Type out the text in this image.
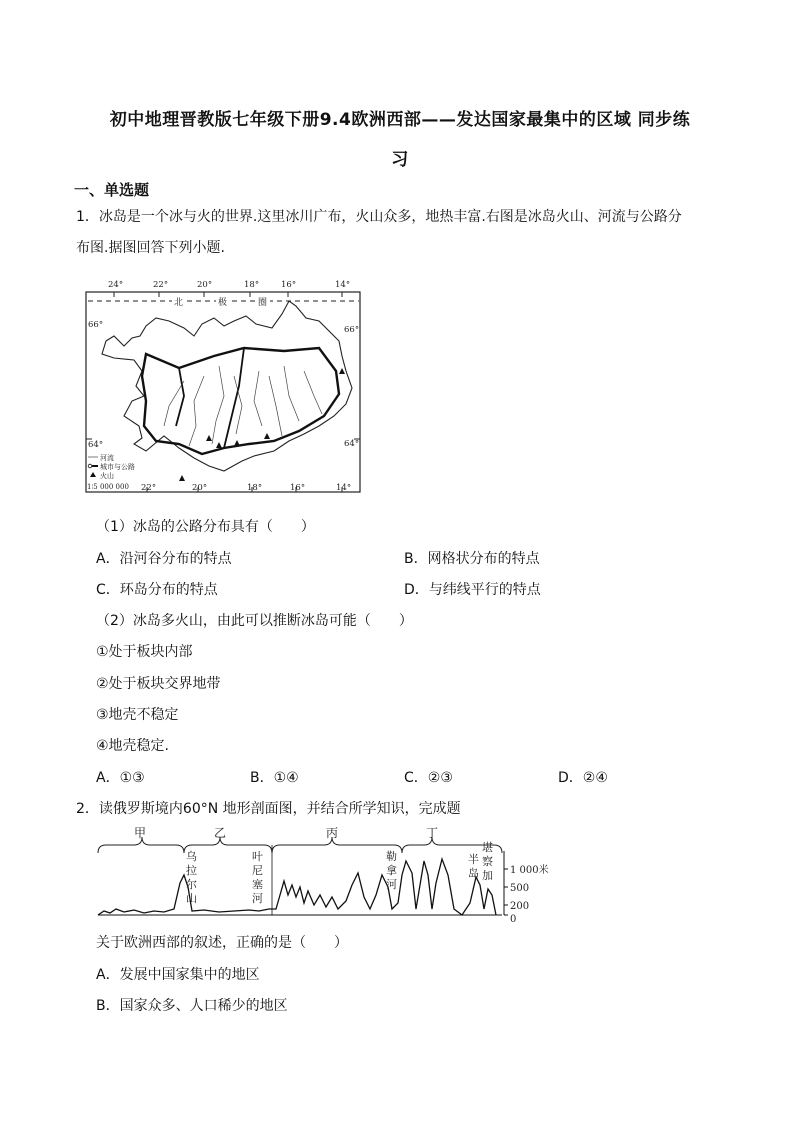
初中地理晋教版七年级下册9.4欧洲西部——发达国家最集中的区域 同步练
习
一、单选题
1．冰岛是一个冰与火的世界.这里冰川广布，火山众多，地热丰富.右图是冰岛火山、河流与公路分
布图.据图回答下列小题.
24°	22°	20°	18°	16°	14°
22°	20°	18°	16°	14°
66°	66°
64°	64°
北	极	圈
河流
城市与公路
火山
1∶5 000 000
（1）冰岛的公路分布具有（　　）
A．沿河谷分布的特点	B．网格状分布的特点
C．环岛分布的特点	D．与纬线平行的特点
（2）冰岛多火山，由此可以推断冰岛可能（　　）
①处于板块内部
②处于板块交界地带
③地壳不稳定
④地壳稳定.
A．①③	B．①④	C．②③	D．②④
2．读俄罗斯境内60°N 地形剖面图，并结合所学知识，完成题
甲	乙	丙	丁
乌拉尔山
叶尼塞河
勒拿河
半岛
堪察加 1 000米
500
200
0
关于欧洲西部的叙述，正确的是（　　）
A．发展中国家集中的地区
B．国家众多、人口稀少的地区
